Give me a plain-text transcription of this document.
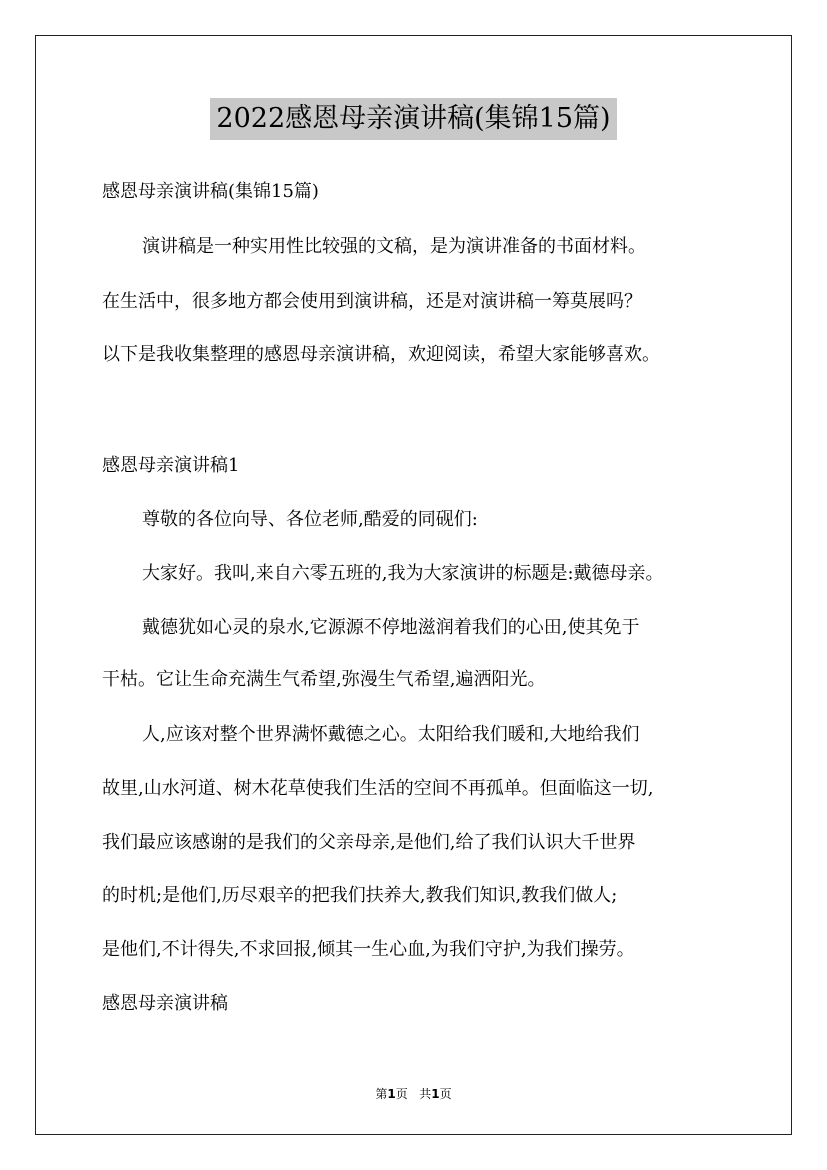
2022感恩母亲演讲稿(集锦15篇)
感恩母亲演讲稿(集锦15篇)
演讲稿是一种实用性比较强的文稿，是为演讲准备的书面材料。
在生活中，很多地方都会使用到演讲稿，还是对演讲稿一筹莫展吗？
以下是我收集整理的感恩母亲演讲稿，欢迎阅读，希望大家能够喜欢。
感恩母亲演讲稿1
尊敬的各位向导、各位老师,酷爱的同砚们:
大家好。我叫,来自六零五班的,我为大家演讲的标题是:戴德母亲。
戴德犹如心灵的泉水,它源源不停地滋润着我们的心田,使其免于
干枯。它让生命充满生气希望,弥漫生气希望,遍洒阳光。
人,应该对整个世界满怀戴德之心。太阳给我们暖和,大地给我们
故里,山水河道、树木花草使我们生活的空间不再孤单。但面临这一切,
我们最应该感谢的是我们的父亲母亲,是他们,给了我们认识大千世界
的时机;是他们,历尽艰辛的把我们扶养大,教我们知识,教我们做人;
是他们,不计得失,不求回报,倾其一生心血,为我们守护,为我们操劳。
感恩母亲演讲稿
第1页 共1页
